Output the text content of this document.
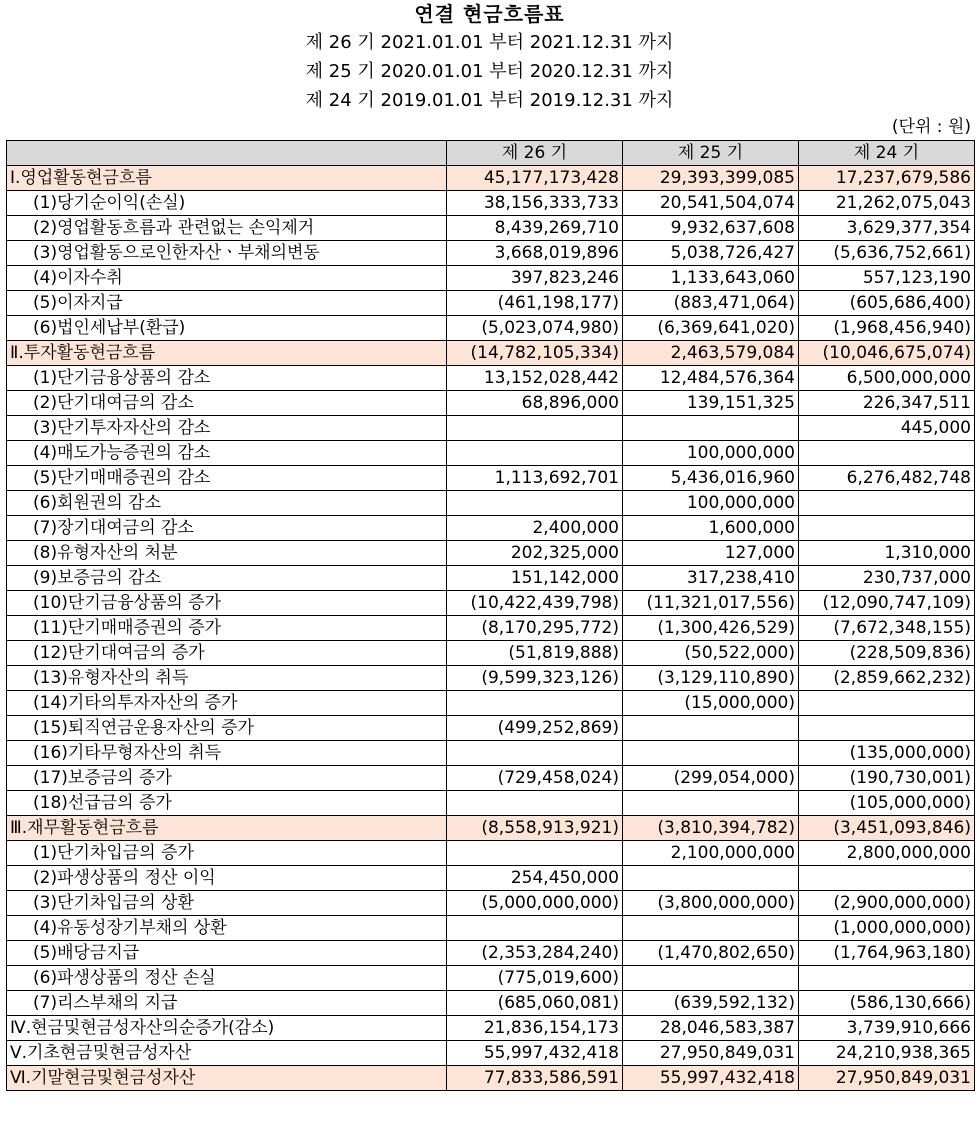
연결 현금흐름표
제 26 기 2021.01.01 부터 2021.12.31 까지
제 25 기 2020.01.01 부터 2020.12.31 까지
제 24 기 2019.01.01 부터 2019.12.31 까지
(단위 : 원)
	제 26 기	제 25 기	제 24 기
Ⅰ.영업활동현금흐름	45,177,173,428	29,393,399,085	17,237,679,586
(1)당기순이익(손실)	38,156,333,733	20,541,504,074	21,262,075,043
(2)영업활동흐름과 관련없는 손익제거	8,439,269,710	9,932,637,608	3,629,377,354
(3)영업활동으로인한자산ㆍ부채의변동	3,668,019,896	5,038,726,427	(5,636,752,661)
(4)이자수취	397,823,246	1,133,643,060	557,123,190
(5)이자지급	(461,198,177)	(883,471,064)	(605,686,400)
(6)법인세납부(환급)	(5,023,074,980)	(6,369,641,020)	(1,968,456,940)
Ⅱ.투자활동현금흐름	(14,782,105,334)	2,463,579,084	(10,046,675,074)
(1)단기금융상품의 감소	13,152,028,442	12,484,576,364	6,500,000,000
(2)단기대여금의 감소	68,896,000	139,151,325	226,347,511
(3)단기투자자산의 감소			445,000
(4)매도가능증권의 감소		100,000,000	
(5)단기매매증권의 감소	1,113,692,701	5,436,016,960	6,276,482,748
(6)회원권의 감소		100,000,000	
(7)장기대여금의 감소	2,400,000	1,600,000	
(8)유형자산의 처분	202,325,000	127,000	1,310,000
(9)보증금의 감소	151,142,000	317,238,410	230,737,000
(10)단기금융상품의 증가	(10,422,439,798)	(11,321,017,556)	(12,090,747,109)
(11)단기매매증권의 증가	(8,170,295,772)	(1,300,426,529)	(7,672,348,155)
(12)단기대여금의 증가	(51,819,888)	(50,522,000)	(228,509,836)
(13)유형자산의 취득	(9,599,323,126)	(3,129,110,890)	(2,859,662,232)
(14)기타의투자자산의 증가		(15,000,000)	
(15)퇴직연금운용자산의 증가	(499,252,869)		
(16)기타무형자산의 취득			(135,000,000)
(17)보증금의 증가	(729,458,024)	(299,054,000)	(190,730,001)
(18)선급금의 증가			(105,000,000)
Ⅲ.재무활동현금흐름	(8,558,913,921)	(3,810,394,782)	(3,451,093,846)
(1)단기차입금의 증가		2,100,000,000	2,800,000,000
(2)파생상품의 정산 이익	254,450,000		
(3)단기차입금의 상환	(5,000,000,000)	(3,800,000,000)	(2,900,000,000)
(4)유동성장기부채의 상환			(1,000,000,000)
(5)배당금지급	(2,353,284,240)	(1,470,802,650)	(1,764,963,180)
(6)파생상품의 정산 손실	(775,019,600)		
(7)리스부채의 지급	(685,060,081)	(639,592,132)	(586,130,666)
Ⅳ.현금및현금성자산의순증가(감소)	21,836,154,173	28,046,583,387	3,739,910,666
Ⅴ.기초현금및현금성자산	55,997,432,418	27,950,849,031	24,210,938,365
Ⅵ.기말현금및현금성자산	77,833,586,591	55,997,432,418	27,950,849,031
